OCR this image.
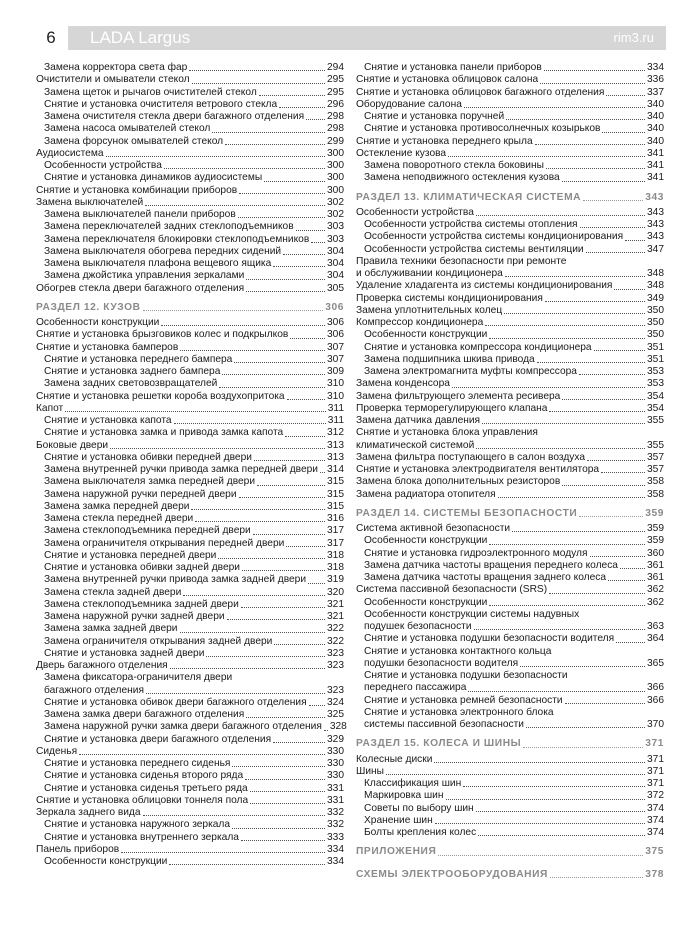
6	LADA Largus	rim3.ru
Замена корректора света фар	294
Очистители и омыватели стекол	295
Замена щеток и рычагов очистителей стекол	295
Снятие и установка очистителя ветрового стекла	296
Замена очистителя стекла двери багажного отделения 298
Замена насоса омывателей стекол	298
Замена форсунок омывателей стекол	299
Аудиосистема	300
Особенности устройства	300
Снятие и установка динамиков аудиосистемы	300
Снятие и установка комбинации приборов	300
Замена выключателей	302
Замена выключателей панели приборов	302
Замена переключателей задних стеклоподъемников	303
Замена переключателя блокировки стеклоподъемников 303
Замена выключателя обогрева передних сидений	304
Замена выключателя плафона вещевого ящика	304
Замена джойстика управления зеркалами	304
Обогрев стекла двери багажного отделения	305
РАЗДЕЛ 12. КУЗОВ	306
Особенности конструкции	306
Снятие и установка брызговиков колес и подкрылков	306
Снятие и установка бамперов	307
Снятие и установка переднего бампера	307
Снятие и установка заднего бампера	309
Замена задних световозвращателей	310
Снятие и установка решетки короба воздухопритока	310
Капот	311
Снятие и установка капота	311
Снятие и установка замка и привода замка капота	312
Боковые двери	313
Снятие и установка обивки передней двери	313
Замена внутренней ручки привода замка передней двери 314
Замена выключателя замка передней двери	315
Замена наружной ручки передней двери	315
Замена замка передней двери	315
Замена стекла передней двери	316
Замена стеклоподъемника передней двери	317
Замена ограничителя открывания передней двери	317
Снятие и установка передней двери	318
Снятие и установка обивки задней двери	318
Замена внутренней ручки привода замка задней двери 319
Замена стекла задней двери	320
Замена стеклоподъемника задней двери	321
Замена наружной ручки задней двери	321
Замена замка задней двери	322
Замена ограничителя открывания задней двери	322
Снятие и установка задней двери	323
Дверь багажного отделения	323
Замена фиксатора-ограничителя двери
багажного отделения	323
Снятие и установка обивок двери багажного отделения 324
Замена замка двери багажного отделения	325
Замена наружной ручки замка двери багажного отделения 328
Снятие и установка двери багажного отделения	329
Сиденья	330
Снятие и установка переднего сиденья	330
Снятие и установка сиденья второго ряда	330
Снятие и установка сиденья третьего ряда	331
Снятие и установка облицовки тоннеля пола	331
Зеркала заднего вида	332
Снятие и установка наружного зеркала	332
Снятие и установка внутреннего зеркала	333
Панель приборов	334
Особенности конструкции	334
Снятие и установка панели приборов	334
Снятие и установка облицовок салона	336
Снятие и установка облицовок багажного отделения	337
Оборудование салона	340
Снятие и установка поручней	340
Снятие и установка противосолнечных козырьков	340
Снятие и установка переднего крыла	340
Остекление кузова	341
Замена поворотного стекла боковины	341
Замена неподвижного остекления кузова	341
РАЗДЕЛ 13. КЛИМАТИЧЕСКАЯ СИСТЕМА	343
Особенности устройства	343
Особенности устройства системы отопления	343
Особенности устройства системы кондиционирования 343
Особенности устройства системы вентиляции	347
Правила техники безопасности при ремонте
и обслуживании кондиционера	348
Удаление хладагента из системы кондиционирования	348
Проверка системы кондиционирования	349
Замена уплотнительных колец	350
Компрессор кондиционера	350
Особенности конструкции	350
Снятие и установка компрессора кондиционера	351
Замена подшипника шкива привода	351
Замена электромагнита муфты компрессора	353
Замена конденсора	353
Замена фильтрующего элемента ресивера	354
Проверка терморегулирующего клапана	354
Замена датчика давления	355
Снятие и установка блока управления
климатической системой	355
Замена фильтра поступающего в салон воздуха	357
Снятие и установка электродвигателя вентилятора	357
Замена блока дополнительных резисторов	358
Замена радиатора отопителя	358
РАЗДЕЛ 14. СИСТЕМЫ БЕЗОПАСНОСТИ	359
Система активной безопасности	359
Особенности конструкции	359
Снятие и установка гидроэлектронного модуля	360
Замена датчика частоты вращения переднего колеса	361
Замена датчика частоты вращения заднего колеса	361
Система пассивной безопасности (SRS)	362
Особенности конструкции	362
Особенности конструкции системы надувных
подушек безопасности	363
Снятие и установка подушки безопасности водителя	364
Снятие и установка контактного кольца
подушки безопасности водителя	365
Снятие и установка подушки безопасности
переднего пассажира	366
Снятие и установка ремней безопасности	366
Снятие и установка электронного блока
системы пассивной безопасности	370
РАЗДЕЛ 15. КОЛЕСА И ШИНЫ	371
Колесные диски	371
Шины	371
Классификация шин	371
Маркировка шин	372
Советы по выбору шин	374
Хранение шин	374
Болты крепления колес	374
ПРИЛОЖЕНИЯ	375
СХЕМЫ ЭЛЕКТРООБОРУДОВАНИЯ	378
